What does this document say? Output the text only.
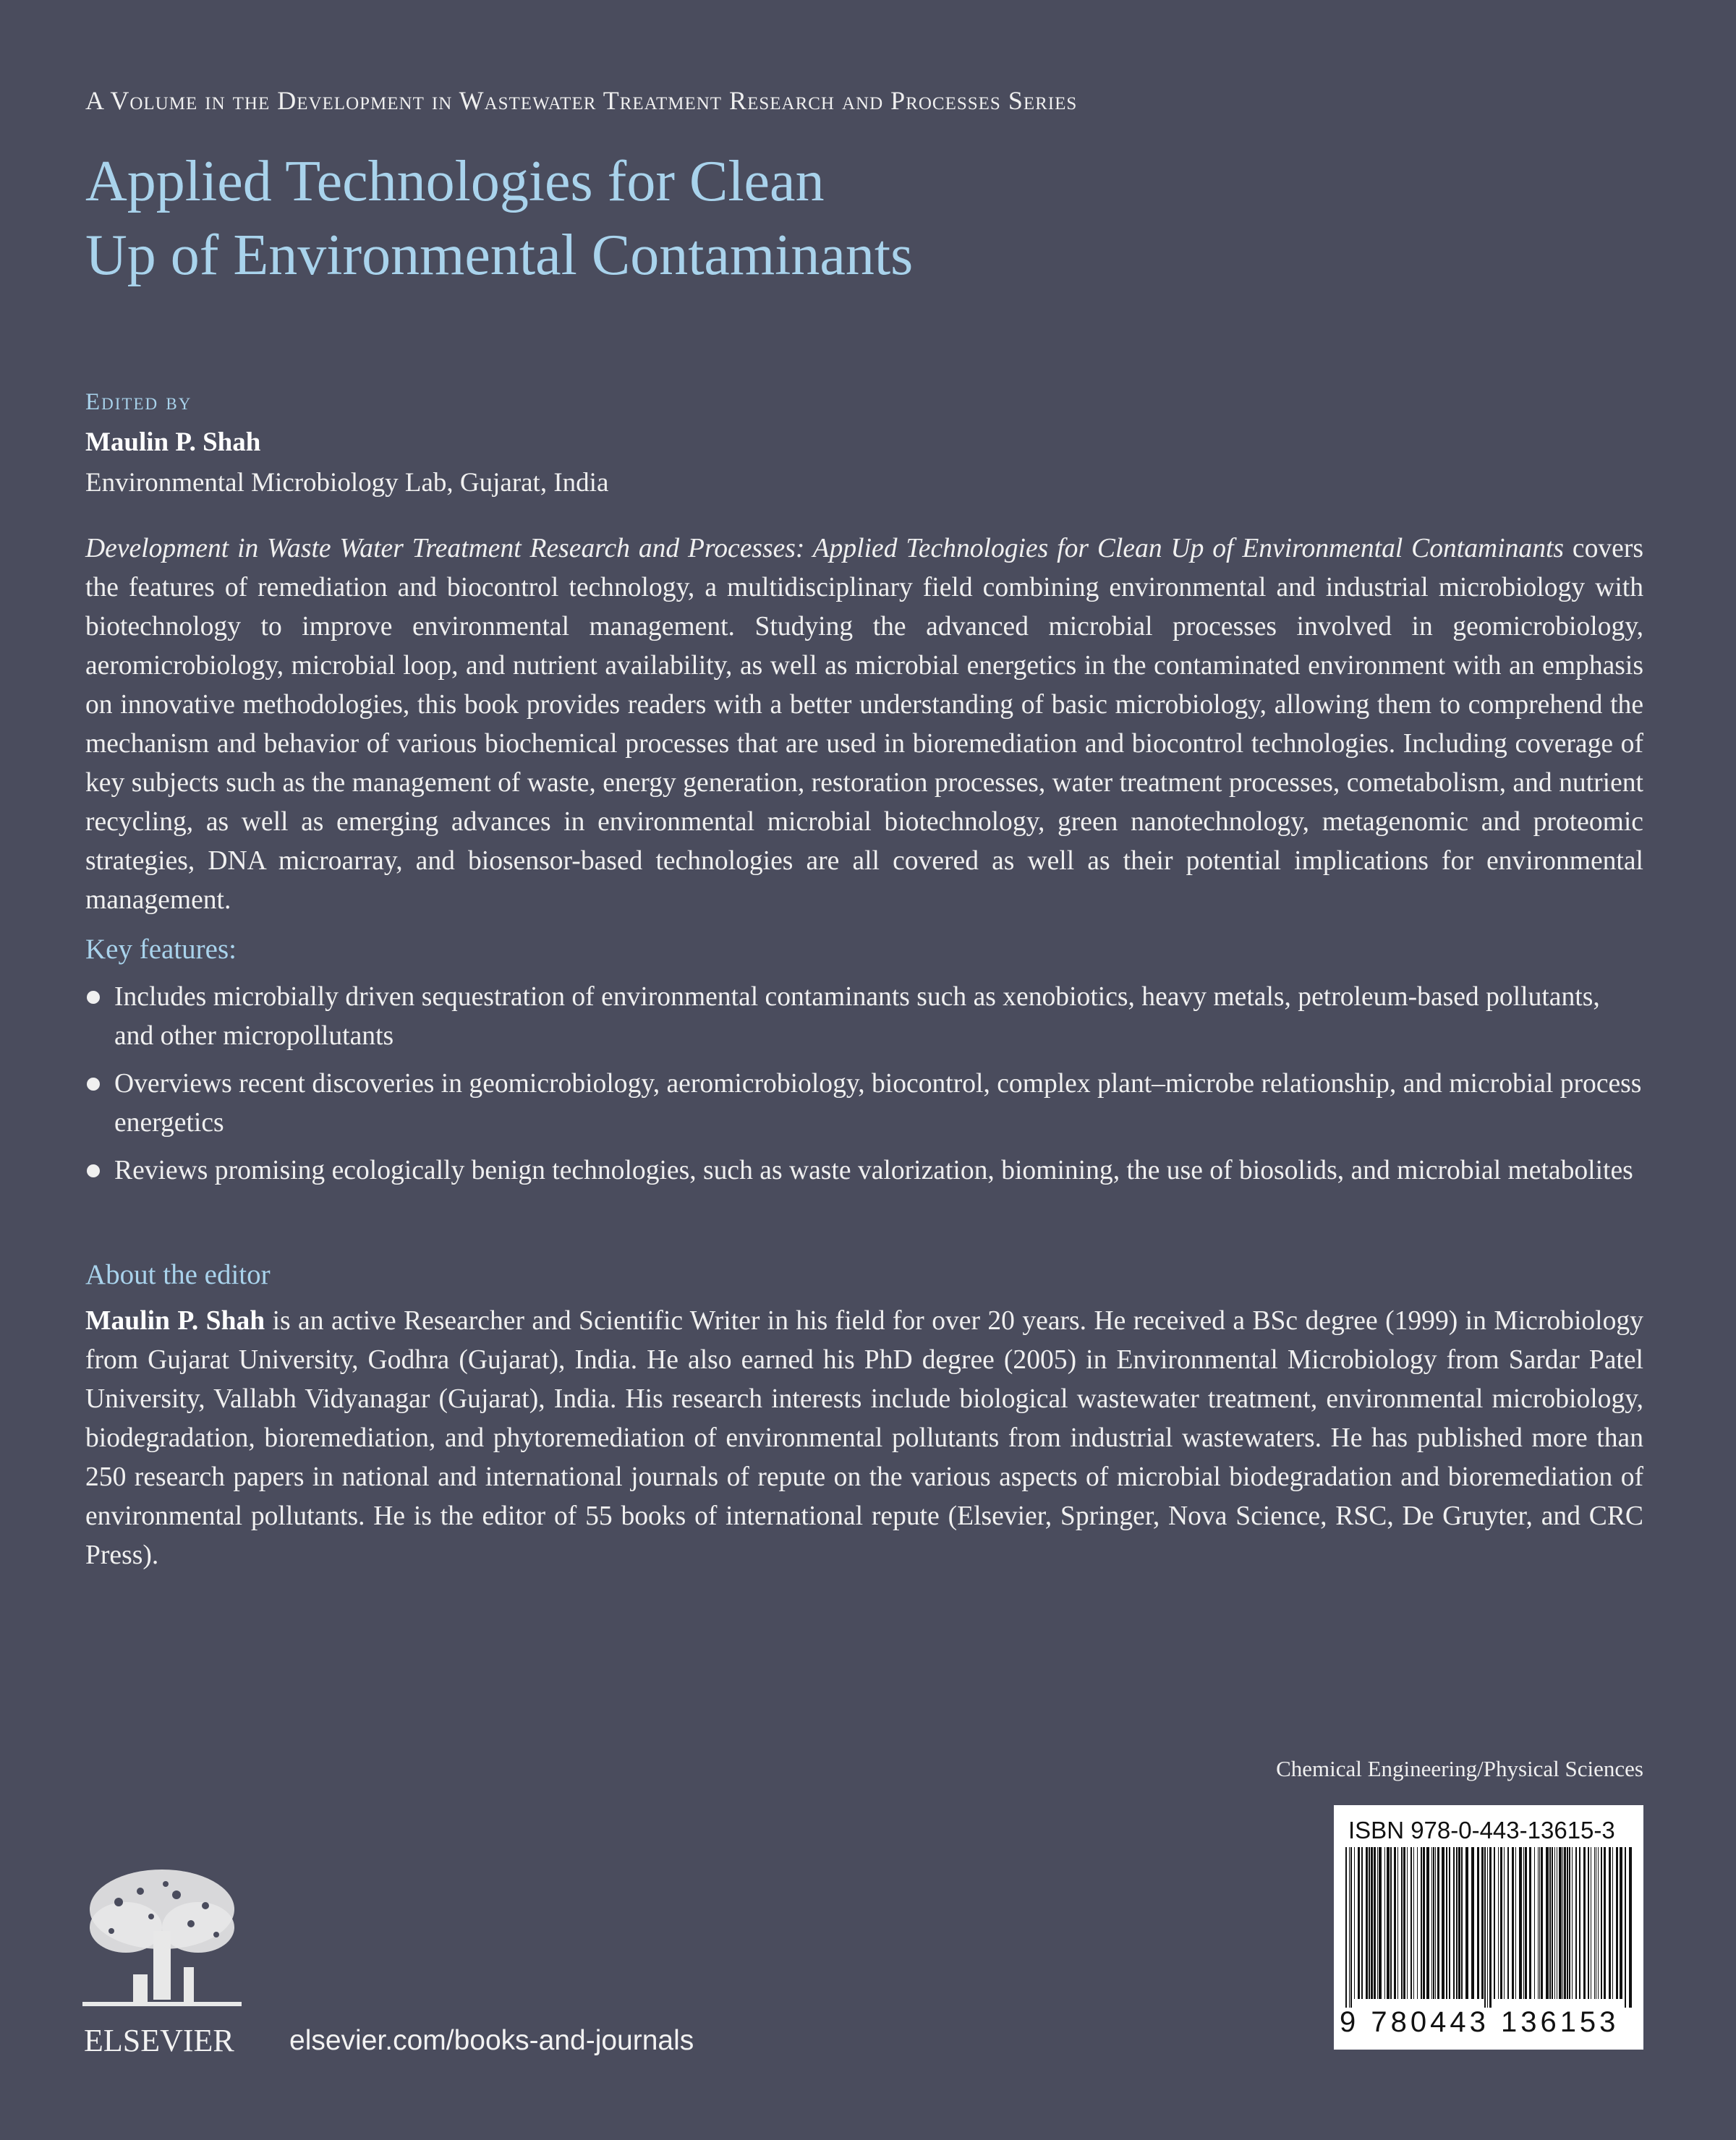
A Volume in the Development in Wastewater Treatment Research and Processes Series
Applied Technologies for Clean
Up of Environmental Contaminants
Edited by
Maulin P. Shah
Environmental Microbiology Lab, Gujarat, India
Development in Waste Water Treatment Research and Processes: Applied Technologies for Clean Up of Environmental Contaminants covers the features of remediation and biocontrol technology, a multidisciplinary field combining environmental and industrial microbiology with biotechnology to improve environmental management. Studying the advanced microbial processes involved in geomicrobiology, aeromicrobiology, microbial loop, and nutrient availability, as well as microbial energetics in the contaminated environment with an emphasis on innovative methodologies, this book provides readers with a better understanding of basic microbiology, allowing them to comprehend the mechanism and behavior of various biochemical processes that are used in bioremediation and biocontrol technologies. Including coverage of key subjects such as the management of waste, energy generation, restoration processes, water treatment processes, cometabolism, and nutrient recycling, as well as emerging advances in environmental microbial biotechnology, green nanotechnology, metagenomic and proteomic strategies, DNA microarray, and biosensor-based technologies are all covered as well as their potential implications for environmental management.
Key features:
Includes microbially driven sequestration of environmental contaminants such as xenobiotics, heavy metals, petroleum-based pollutants, and other micropollutants
Overviews recent discoveries in geomicrobiology, aeromicrobiology, biocontrol, complex plant–microbe relationship, and microbial process energetics
Reviews promising ecologically benign technologies, such as waste valorization, biomining, the use of biosolids, and microbial metabolites
About the editor
Maulin P. Shah is an active Researcher and Scientific Writer in his field for over 20 years. He received a BSc degree (1999) in Microbiology from Gujarat University, Godhra (Gujarat), India. He also earned his PhD degree (2005) in Environmental Microbiology from Sardar Patel University, Vallabh Vidyanagar (Gujarat), India. His research interests include biological wastewater treatment, environmental microbiology, biodegradation, bioremediation, and phytoremediation of environmental pollutants from industrial wastewaters. He has published more than 250 research papers in national and international journals of repute on the various aspects of microbial biodegradation and bioremediation of environmental pollutants. He is the editor of 55 books of international repute (Elsevier, Springer, Nova Science, RSC, De Gruyter, and CRC Press).
Chemical Engineering/Physical Sciences
ISBN 978-0-443-13615-3
9 780443 136153
ELSEVIER elsevier.com/books-and-journals
